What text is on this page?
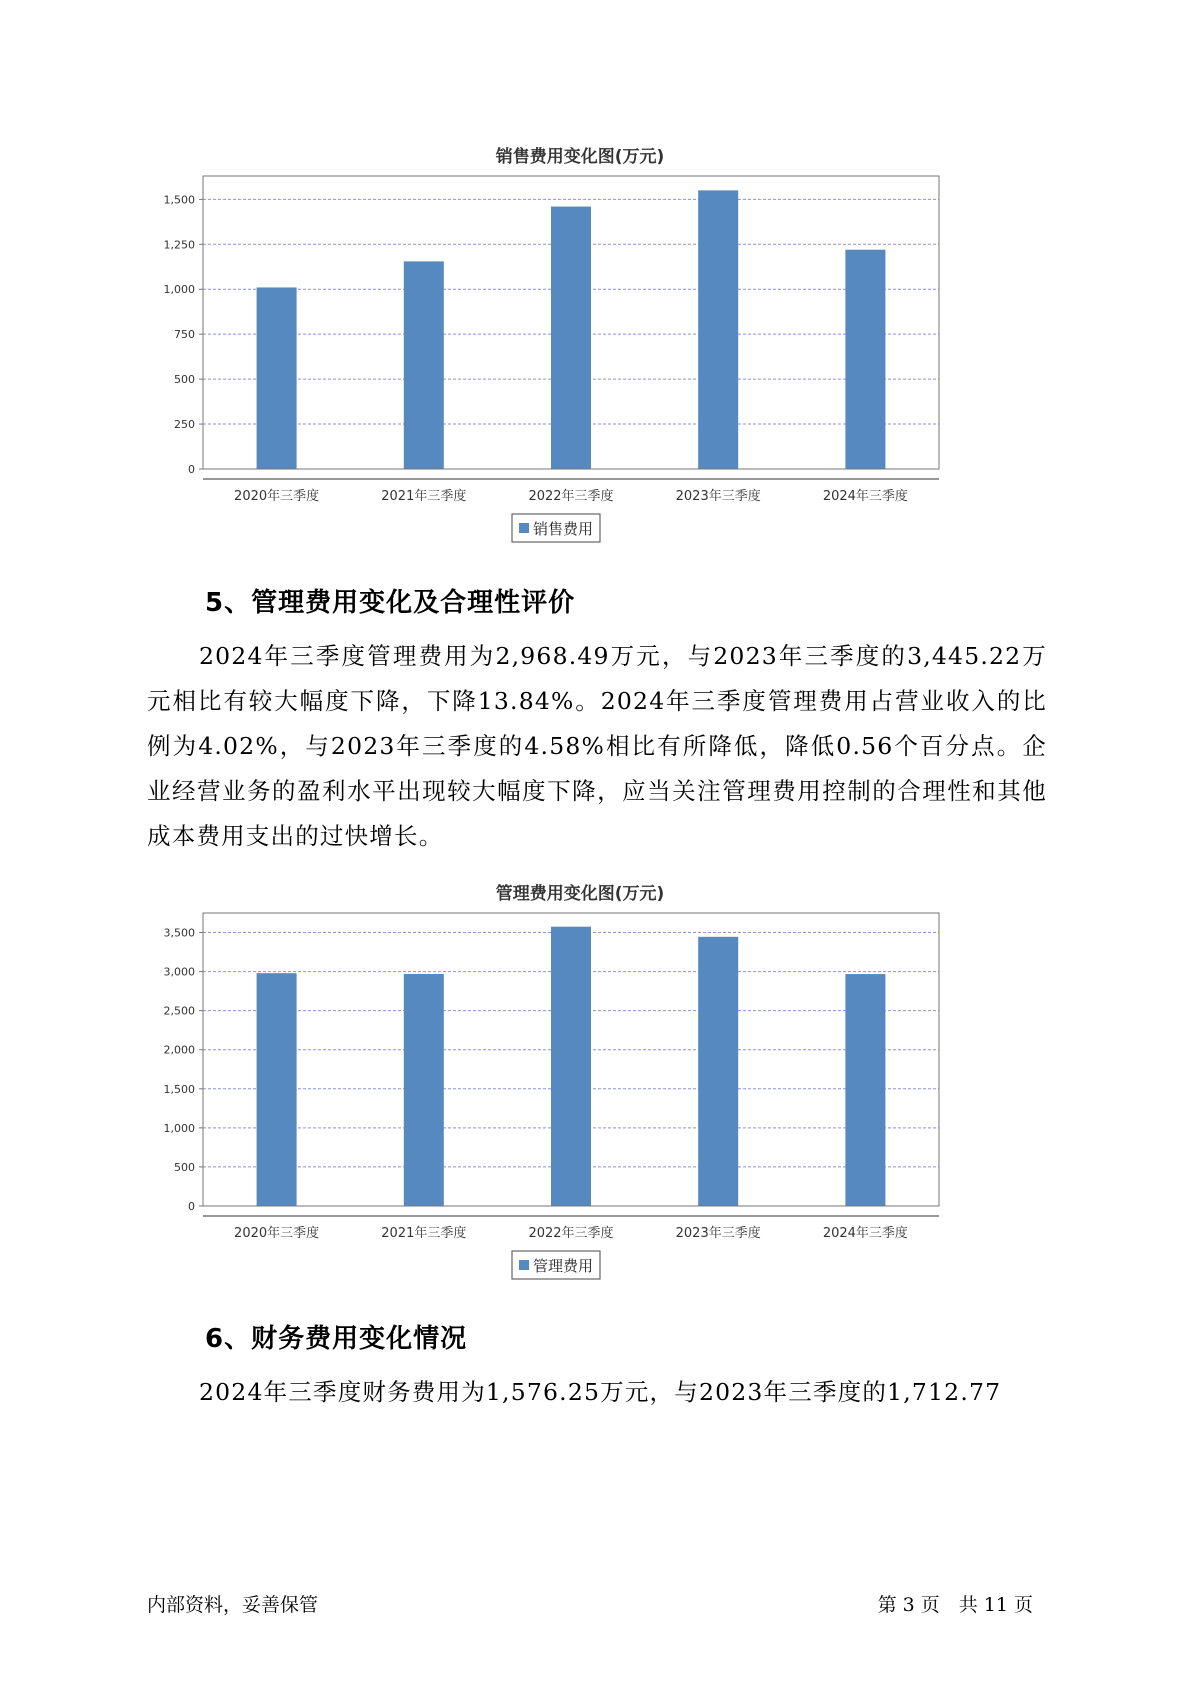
销售费用变化图(万元)
0
250
500
750
1,000
1,250
1,500
2020年三季度	2021年三季度	2022年三季度	2023年三季度	2024年三季度
销售费用
5、管理费用变化及合理性评价

2024年三季度管理费用为2,968.49万元，与2023年三季度的3,445.22万元相比有较大幅度下降，下降13.84%。2024年三季度管理费用占营业收入的比例为4.02%，与2023年三季度的4.58%相比有所降低，降低0.56个百分点。企业经营业务的盈利水平出现较大幅度下降，应当关注管理费用控制的合理性和其他成本费用支出的过快增长。

管理费用变化图(万元)
0
500
1,000
1,500
2,000
2,500
3,000
3,500
2020年三季度	2021年三季度	2022年三季度	2023年三季度	2024年三季度
管理费用
6、财务费用变化情况

2024年三季度财务费用为1,576.25万元，与2023年三季度的1,712.77

内部资料，妥善保管	第 3 页　共 11 页
